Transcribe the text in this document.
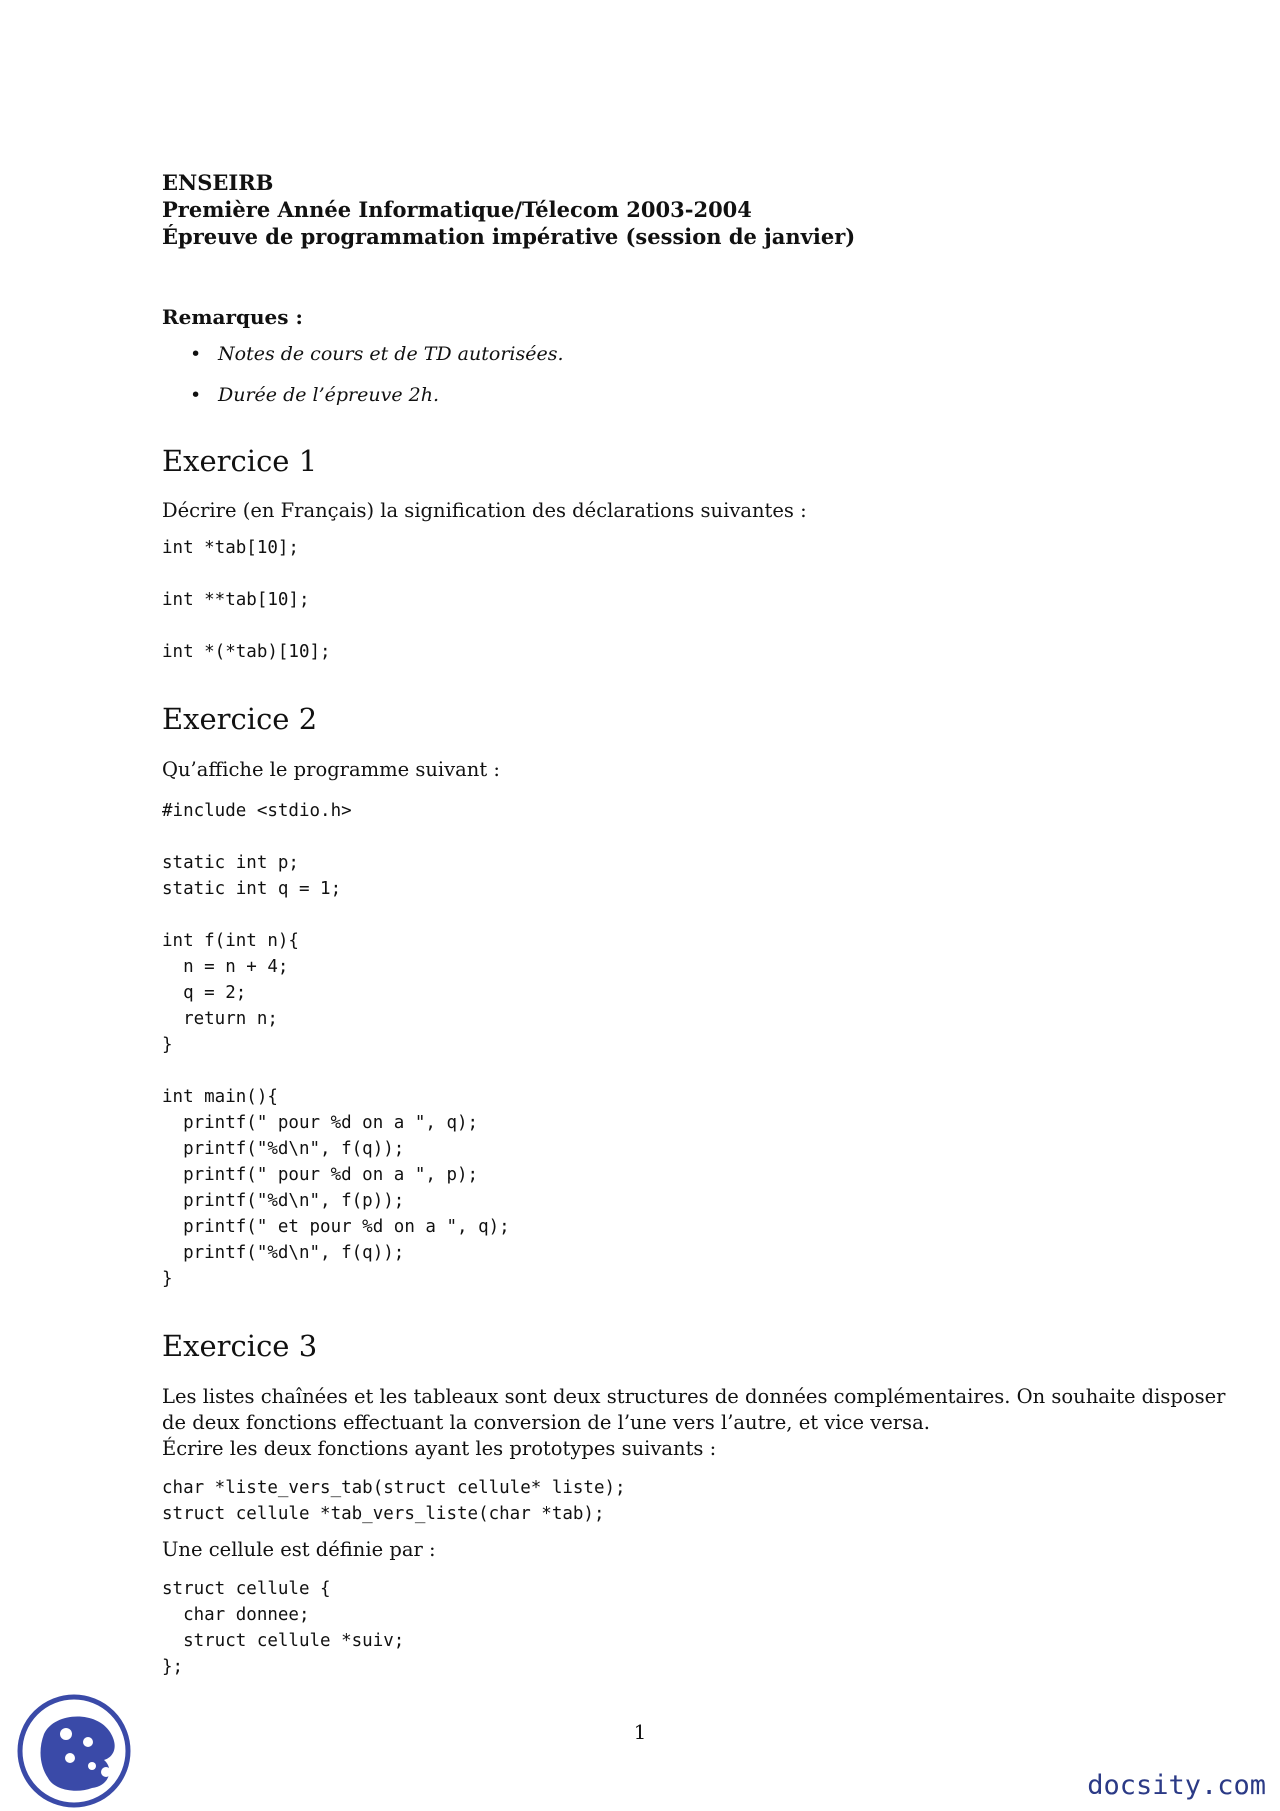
ENSEIRB
Première Année Informatique/Télecom 2003-2004
Épreuve de programmation impérative (session de janvier)
Remarques :
• Notes de cours et de TD autorisées.
• Durée de l’épreuve 2h.
Exercice 1

Décrire (en Français) la signification des déclarations suivantes :

int *tab[10];
int **tab[10];
int *(*tab)[10];
Exercice 2

Qu’affiche le programme suivant :

#include <stdio.h>

static int p;
static int q = 1;

int f(int n){
n = n + 4;
q = 2;
return n;
}

int main(){
printf(" pour %d on a ", q);
printf("%d\n", f(q));
printf(" pour %d on a ", p);
printf("%d\n", f(p));
printf(" et pour %d on a ", q);
printf("%d\n", f(q));
}
Exercice 3

Les listes chaînées et les tableaux sont deux structures de données complémentaires. On souhaite disposer

de deux fonctions effectuant la conversion de l’une vers l’autre, et vice versa.

Écrire les deux fonctions ayant les prototypes suivants :

char *liste_vers_tab(struct cellule* liste);
struct cellule *tab_vers_liste(char *tab);

Une cellule est définie par :

struct cellule {
char donnee;
struct cellule *suiv;
};
1
docsity.com
